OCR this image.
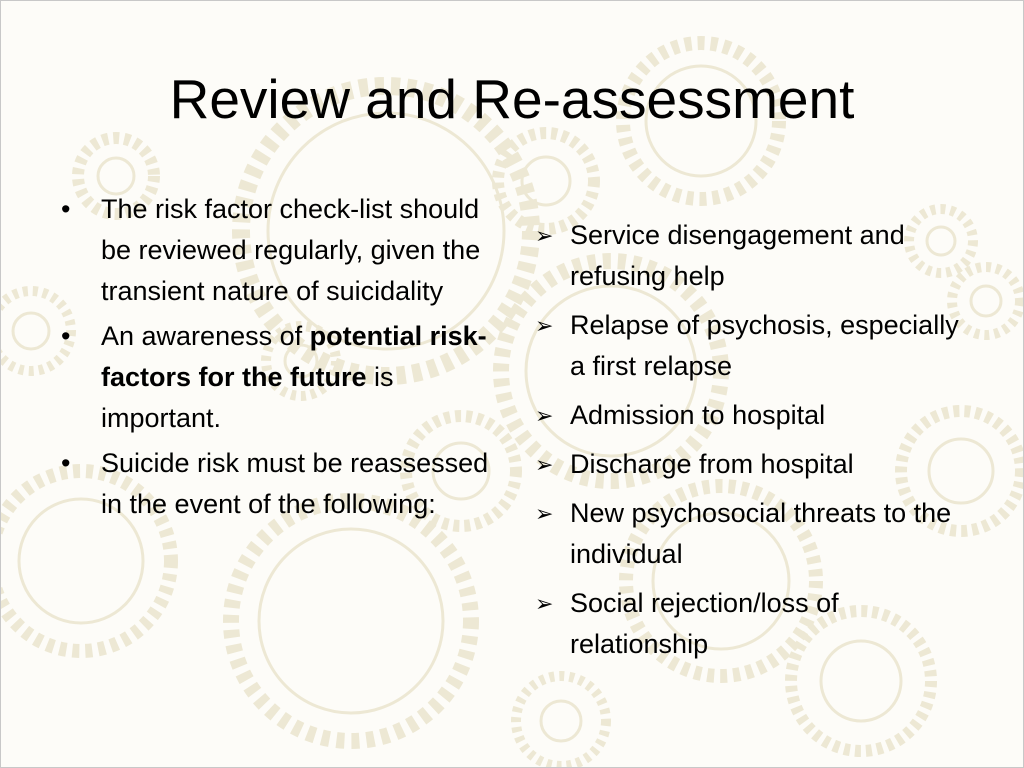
Review and Re-assessment
• The risk factor check-list should be reviewed regularly, given the transient nature of suicidality
• An awareness of potential risk-factors for the future is important.
• Suicide risk must be reassessed in the event of the following:
➢ Service disengagement and refusing help
➢ Relapse of psychosis, especially a first relapse
➢ Admission to hospital
➢ Discharge from hospital
➢ New psychosocial threats to the individual
➢ Social rejection/loss of relationship
